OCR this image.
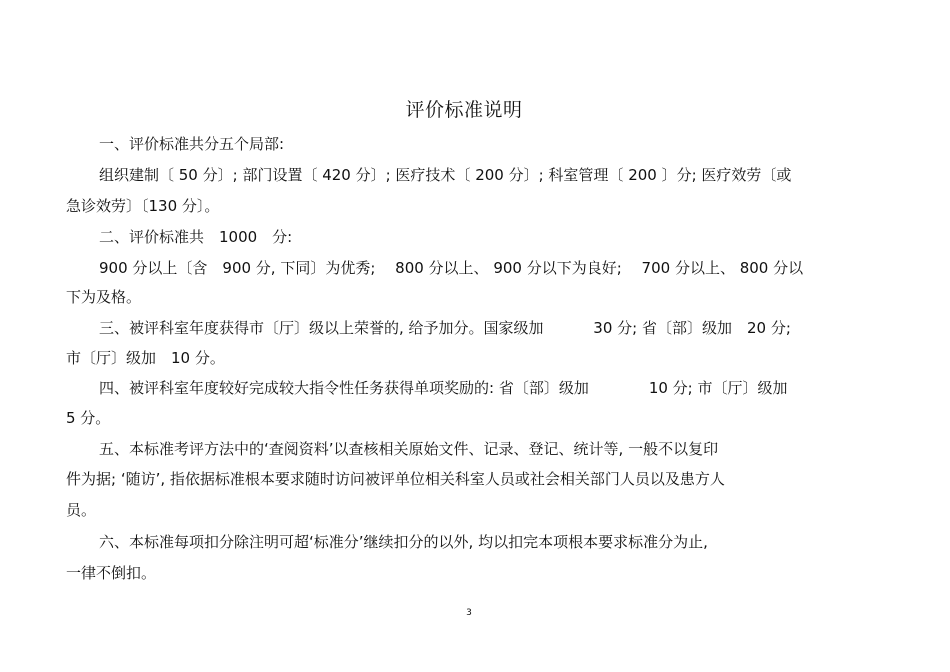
评价标准说明
一、评价标准共分五个局部:
组织建制〔 50 分〕; 部门设置〔 420 分〕; 医疗技术〔 200 分〕; 科室管理〔 200 〕分; 医疗效劳〔或
急诊效劳〕〔130 分〕。
二、评价标准共　1000　分:
900 分以上〔含　900 分, 下同〕为优秀;　 800 分以上、 900 分以下为良好;　 700 分以上、 800 分以
下为及格。
三、被评科室年度获得市〔厅〕级以上荣誉的, 给予加分。国家级加　　　 30 分; 省〔部〕级加　20 分;
市〔厅〕级加　10 分。
四、被评科室年度较好完成较大指令性任务获得单项奖励的: 省〔部〕级加　　　　10 分; 市〔厅〕级加
5 分。
五、本标准考评方法中的‘查阅资料’以查核相关原始文件、记录、登记、统计等, 一般不以复印
件为据; ‘随访’, 指依据标准根本要求随时访问被评单位相关科室人员或社会相关部门人员以及患方人
员。
六、本标准每项扣分除注明可超‘标准分’继续扣分的以外, 均以扣完本项根本要求标准分为止,
一律不倒扣。
3
